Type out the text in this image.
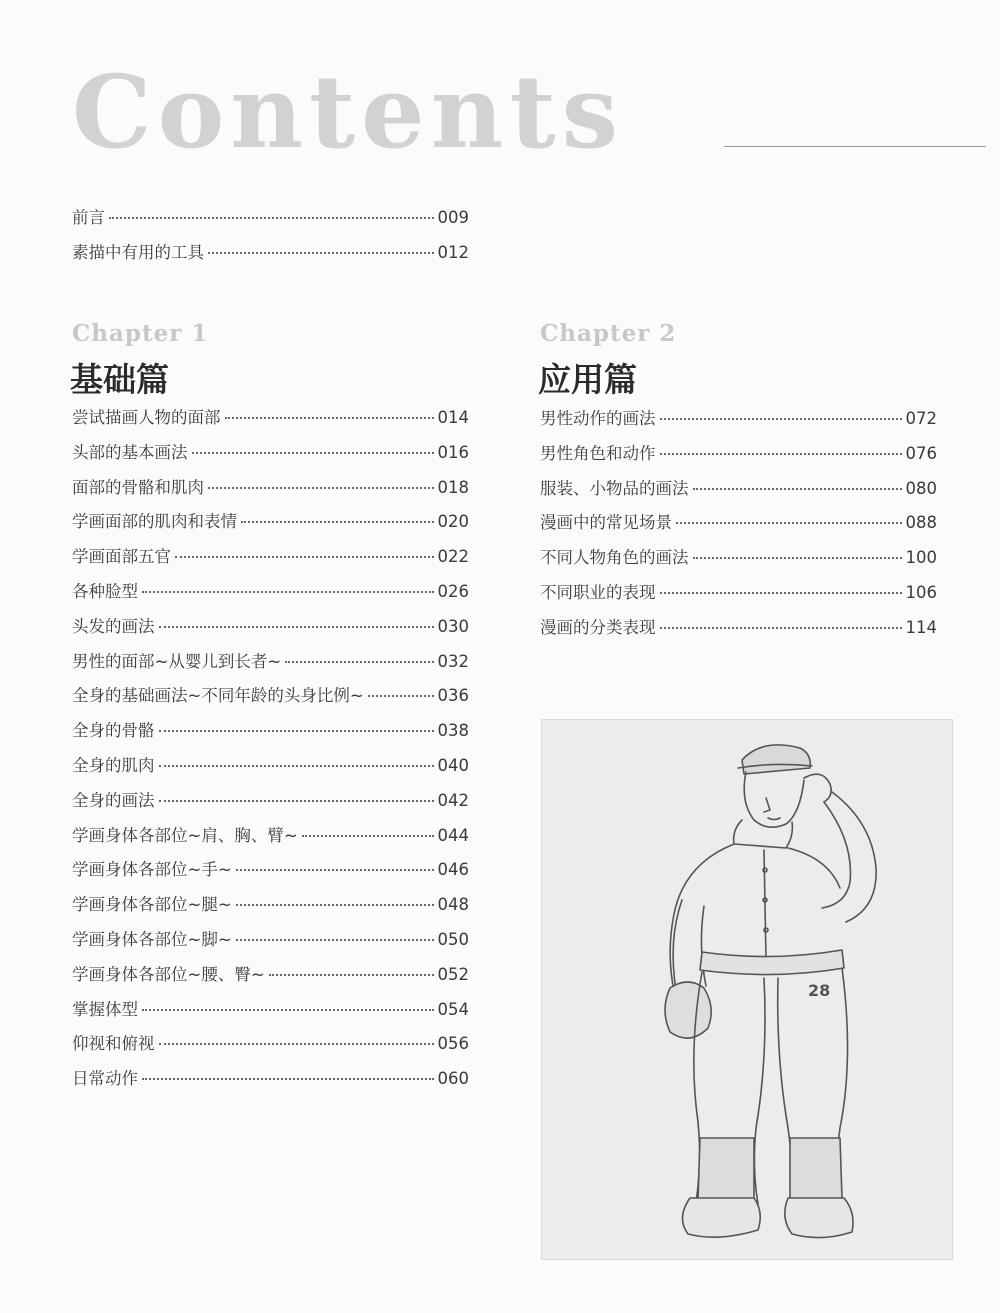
Contents
前言	009
素描中有用的工具	012
Chapter 1
基础篇
尝试描画人物的面部	014
头部的基本画法	016
面部的骨骼和肌肉	018
学画面部的肌肉和表情	020
学画面部五官	022
各种脸型	026
头发的画法	030
男性的面部~从婴儿到长者~	032
全身的基础画法~不同年龄的头身比例~	036
全身的骨骼	038
全身的肌肉	040
全身的画法	042
学画身体各部位~肩、胸、臂~	044
学画身体各部位~手~	046
学画身体各部位~腿~	048
学画身体各部位~脚~	050
学画身体各部位~腰、臀~	052
掌握体型	054
仰视和俯视	056
日常动作	060
Chapter 2
应用篇
男性动作的画法	072
男性角色和动作	076
服装、小物品的画法	080
漫画中的常见场景	088
不同人物角色的画法	100
不同职业的表现	106
漫画的分类表现	114
28
